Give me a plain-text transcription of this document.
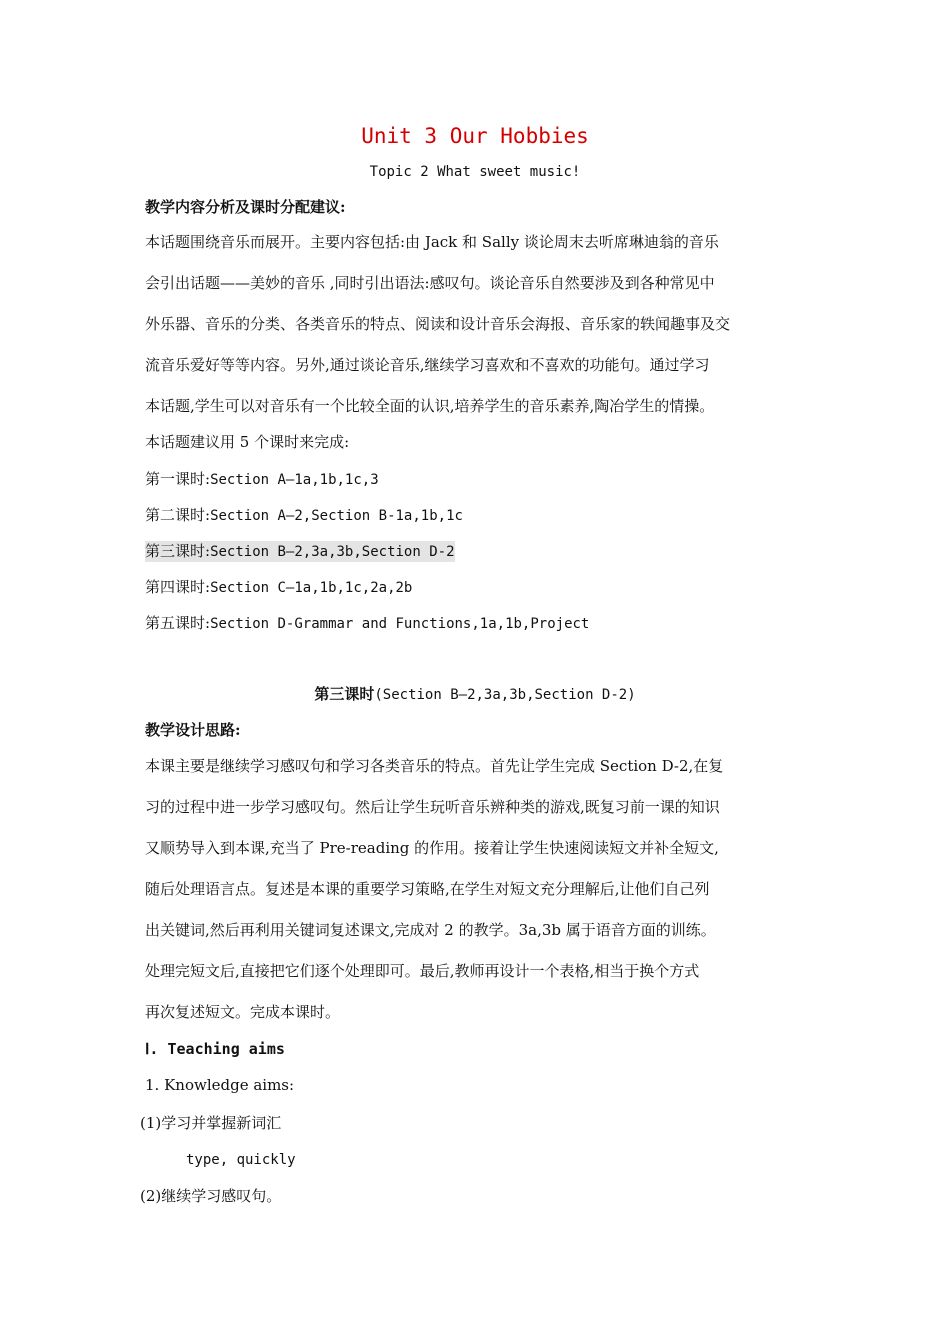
Unit 3 Our Hobbies
Topic 2 What sweet music!
教学内容分析及课时分配建议:
本话题围绕音乐而展开。主要内容包括:由 Jack 和 Sally 谈论周末去听席琳迪翁的音乐
会引出话题——美妙的音乐 ,同时引出语法:感叹句。谈论音乐自然要涉及到各种常见中
外乐器、音乐的分类、各类音乐的特点、阅读和设计音乐会海报、音乐家的轶闻趣事及交
流音乐爱好等等内容。另外,通过谈论音乐,继续学习喜欢和不喜欢的功能句。通过学习
本话题,学生可以对音乐有一个比较全面的认识,培养学生的音乐素养,陶冶学生的情操。
本话题建议用 5 个课时来完成:
第一课时:Section A—1a,1b,1c,3
第二课时:Section A—2,Section B-1a,1b,1c
第三课时:Section B—2,3a,3b,Section D-2
第四课时:Section C—1a,1b,1c,2a,2b
第五课时:Section D-Grammar and Functions,1a,1b,Project
第三课时(Section B—2,3a,3b,Section D-2)
教学设计思路:
本课主要是继续学习感叹句和学习各类音乐的特点。首先让学生完成 Section D-2,在复
习的过程中进一步学习感叹句。然后让学生玩听音乐辨种类的游戏,既复习前一课的知识
又顺势导入到本课,充当了 Pre-reading 的作用。接着让学生快速阅读短文并补全短文,
随后处理语言点。复述是本课的重要学习策略,在学生对短文充分理解后,让他们自己列
出关键词,然后再利用关键词复述课文,完成对 2 的教学。3a,3b 属于语音方面的训练。
处理完短文后,直接把它们逐个处理即可。最后,教师再设计一个表格,相当于换个方式
再次复述短文。完成本课时。
Ⅰ. Teaching aims
1. Knowledge aims:
(1)学习并掌握新词汇
type, quickly
(2)继续学习感叹句。
